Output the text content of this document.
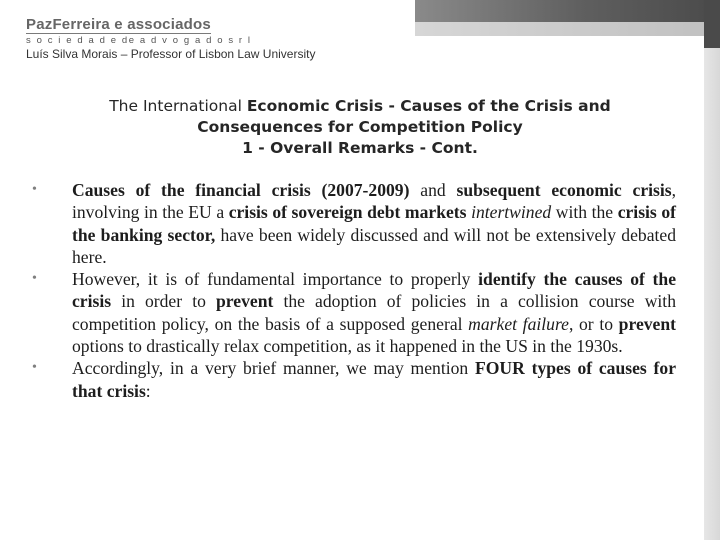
PazFerreira e associados
s o c i e d a d e de a d v o g a d o s r l
Luís Silva Morais – Professor of Lisbon Law University
The International Economic Crisis - Causes of the Crisis and
Consequences for Competition Policy
1 - Overall Remarks - Cont.
• Causes of the financial crisis (2007-2009) and subsequent economic crisis, involving in the EU a crisis of sovereign debt markets intertwined with the crisis of the banking sector, have been widely discussed and will not be extensively debated here.
• However, it is of fundamental importance to properly identify the causes of the crisis in order to prevent the adoption of policies in a collision course with competition policy, on the basis of a supposed general market failure, or to prevent options to drastically relax competition, as it happened in the US in the 1930s.
• Accordingly, in a very brief manner, we may mention FOUR types of causes for that crisis:
